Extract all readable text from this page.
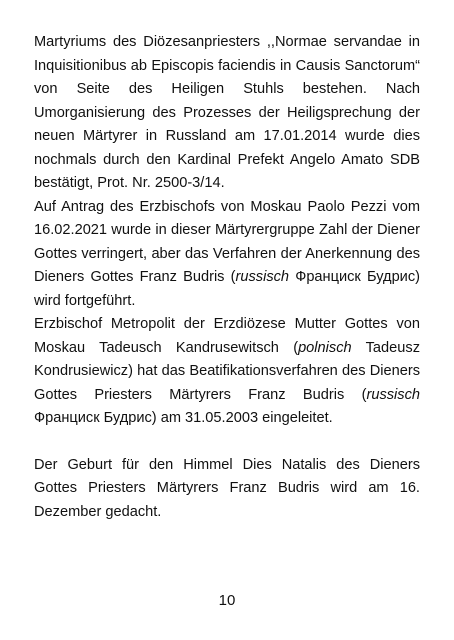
Martyriums des Diözesanpriesters ,,Normae servandae in Inquisitionibus ab Episcopis faciendis in Causis Sanctorum“ von Seite des Heiligen Stuhls bestehen. Nach Umorganisierung des Prozesses der Heiligsprechung der neuen Märtyrer in Russland am 17.01.2014 wurde dies nochmals durch den Kardinal Prefekt Angelo Amato SDB bestätigt, Prot. Nr. 2500-3/14.

Auf Antrag des Erzbischofs von Moskau Paolo Pezzi vom 16.02.2021 wurde in dieser Märtyrergruppe Zahl der Diener Gottes verringert, aber das Verfahren der Anerkennung des Dieners Gottes Franz Budris (russisch Франциск Будрис) wird fortgeführt.

Erzbischof Metropolit der Erzdiözese Mutter Gottes von Moskau Tadeusch Kandrusewitsch (polnisch Tadeusz Kondrusiewicz) hat das Beatifikationsverfahren des Dieners Gottes Priesters Märtyrers Franz Budris (russisch Франциск Будрис) am 31.05.2003 eingeleitet.

Der Geburt für den Himmel Dies Natalis des Dieners Gottes Priesters Märtyrers Franz Budris wird am 16. Dezember gedacht.

10
